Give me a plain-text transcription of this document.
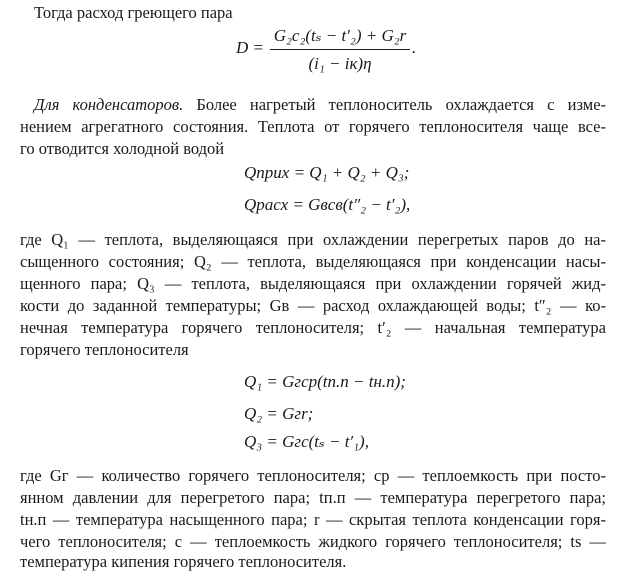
Тогда расход греющего пара
D =
G₂c₂(tₛ − t′₂) + G₂r
(i₁ − iк)η
.
Для конденсаторов. Более нагретый теплоноситель охлаждается с изме-
нением агрегатного состояния. Теплота от горячего теплоносителя чаще все-
го отводится холодной водой
Qприх = Q₁ + Q₂ + Q₃;
Qрасх = Gвcв(t″₂ − t′₂),
где Q₁ — теплота, выделяющаяся при охлаждении перегретых паров до на-
сыщенного состояния; Q₂ — теплота, выделяющаяся при конденсации насы-
щенного пара; Q₃ — теплота, выделяющаяся при охлаждении горячей жид-
кости до заданной температуры; Gв — расход охлаждающей воды; t″₂ — ко-
нечная температура горячего теплоносителя; t′₂ — начальная температура
горячего теплоносителя
Q₁ = Gгcp(tп.п − tн.п);
Q₂ = Gгr;
Q₃ = Gгc(tₛ − t′₁),
где Gг — количество горячего теплоносителя; cp — теплоемкость при посто-
янном давлении для перегретого пара; tп.п — температура перегретого пара;
tн.п — температура насыщенного пара; r — скрытая теплота конденсации горя-
чего теплоносителя; c — теплоемкость жидкого горячего теплоносителя; ts —
температура кипения горячего теплоносителя.
